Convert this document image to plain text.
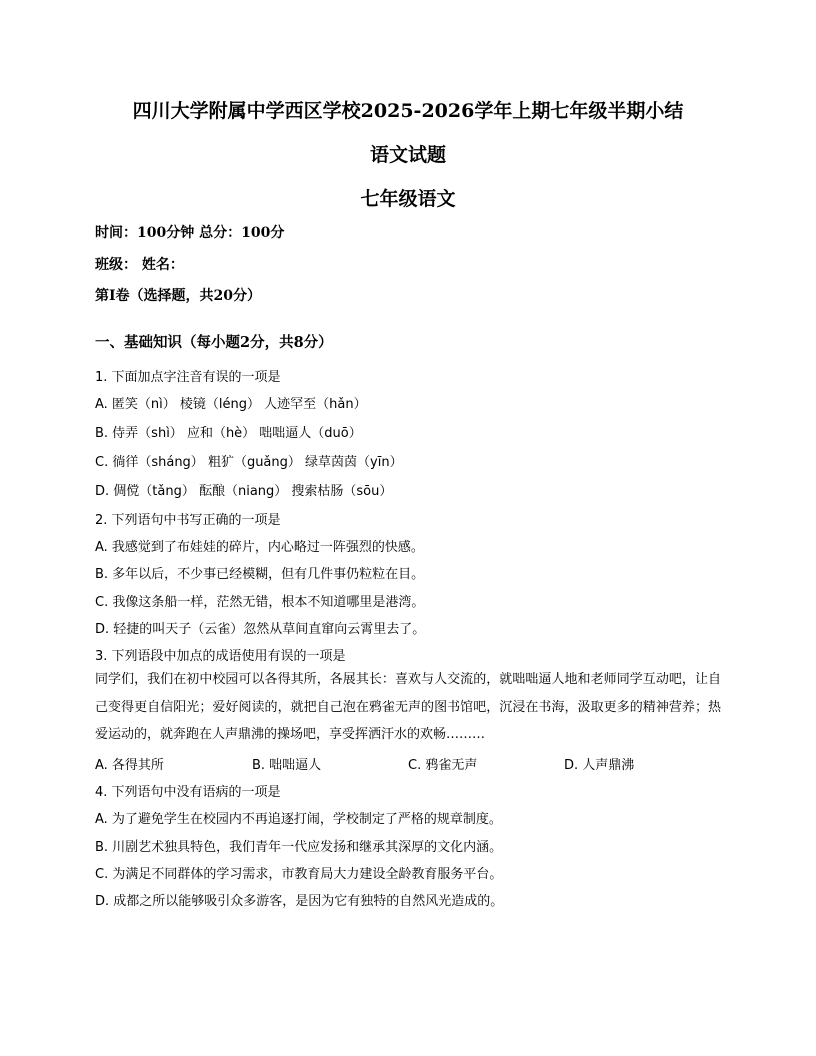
四川大学附属中学西区学校2025-2026学年上期七年级半期小结
语文试题
七年级语文
时间：100分钟 总分：100分
班级： 姓名：
第Ⅰ卷（选择题，共20分）
一、基础知识（每小题2分，共8分）
1. 下面加点字注音有误的一项是
A. 匿笑（nì） 棱镜（léng） 人迹罕至（hǎn）
B. 侍弄（shì） 应和（hè） 咄咄逼人（duō）
C. 徜徉（sháng） 粗犷（guǎng） 绿草茵茵（yīn）
D. 倜傥（tǎng） 酝酿（niang） 搜索枯肠（sōu）
2. 下列语句中书写正确的一项是
A. 我感觉到了布娃娃的碎片，内心略过一阵强烈的快感。
B. 多年以后，不少事已经模糊，但有几件事仍粒粒在目。
C. 我像这条船一样，茫然无错，根本不知道哪里是港湾。
D. 轻捷的叫天子（云雀）忽然从草间直窜向云霄里去了。
3. 下列语段中加点的成语使用有误的一项是
同学们，我们在初中校园可以各得其所，各展其长：喜欢与人交流的，就咄咄逼人地和老师同学互动吧，让自己变得更自信阳光；爱好阅读的，就把自己泡在鸦雀无声的图书馆吧，沉浸在书海，汲取更多的精神营养；热爱运动的，就奔跑在人声鼎沸的操场吧，享受挥洒汗水的欢畅………
A. 各得其所	B. 咄咄逼人	C. 鸦雀无声	D. 人声鼎沸
4. 下列语句中没有语病的一项是
A. 为了避免学生在校园内不再追逐打闹，学校制定了严格的规章制度。
B. 川剧艺术独具特色，我们青年一代应发扬和继承其深厚的文化内涵。
C. 为满足不同群体的学习需求，市教育局大力建设全龄教育服务平台。
D. 成都之所以能够吸引众多游客，是因为它有独特的自然风光造成的。
